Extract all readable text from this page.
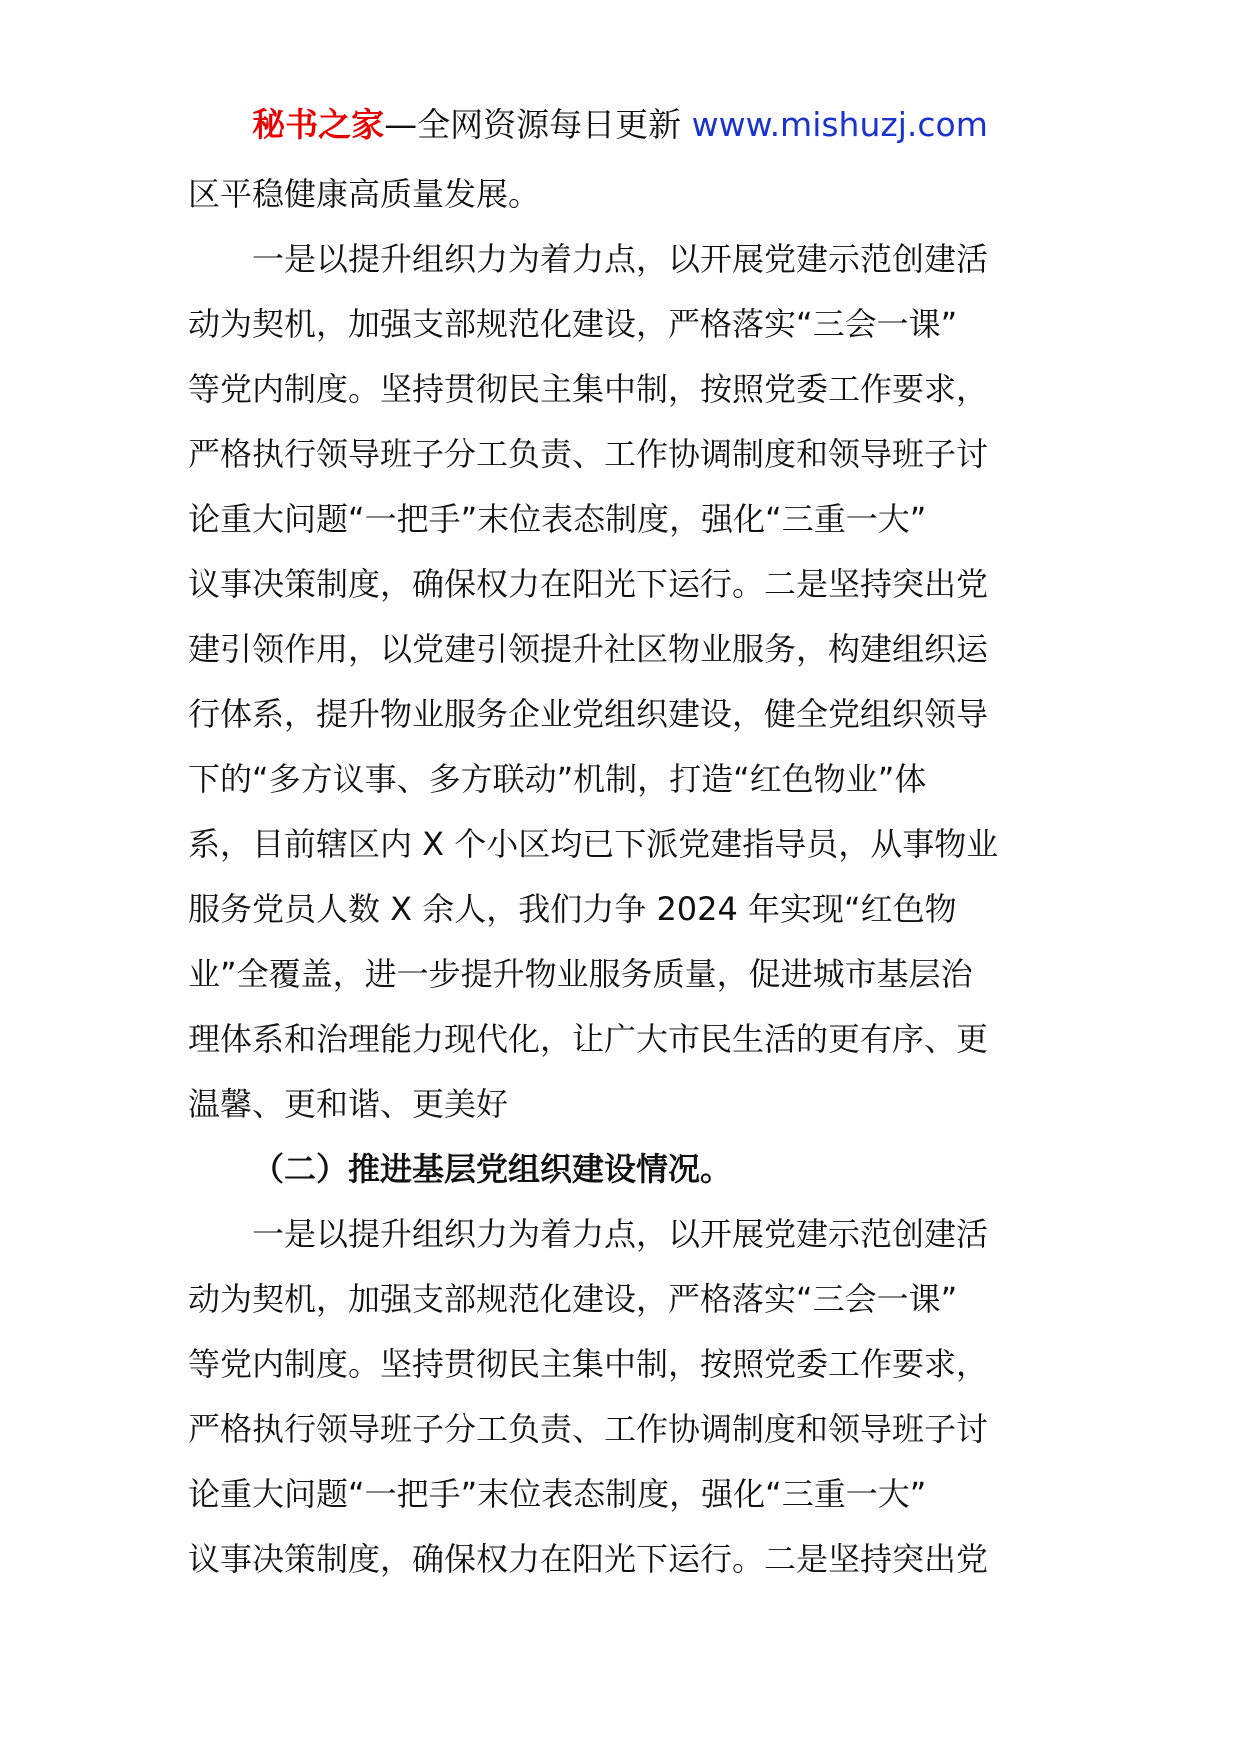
秘书之家—全网资源每日更新 www.mishuzj.com
区平稳健康高质量发展。
一是以提升组织力为着力点，以开展党建示范创建活
动为契机，加强支部规范化建设，严格落实“三会一课”
等党内制度。坚持贯彻民主集中制，按照党委工作要求，
严格执行领导班子分工负责、工作协调制度和领导班子讨
论重大问题“一把手”末位表态制度，强化“三重一大”
议事决策制度，确保权力在阳光下运行。二是坚持突出党
建引领作用，以党建引领提升社区物业服务，构建组织运
行体系，提升物业服务企业党组织建设，健全党组织领导
下的“多方议事、多方联动”机制，打造“红色物业”体
系，目前辖区内 X 个小区均已下派党建指导员，从事物业
服务党员人数 X 余人，我们力争 2024 年实现“红色物
业”全覆盖，进一步提升物业服务质量，促进城市基层治
理体系和治理能力现代化，让广大市民生活的更有序、更
温馨、更和谐、更美好
（二）推进基层党组织建设情况。
一是以提升组织力为着力点，以开展党建示范创建活
动为契机，加强支部规范化建设，严格落实“三会一课”
等党内制度。坚持贯彻民主集中制，按照党委工作要求，
严格执行领导班子分工负责、工作协调制度和领导班子讨
论重大问题“一把手”末位表态制度，强化“三重一大”
议事决策制度，确保权力在阳光下运行。二是坚持突出党
